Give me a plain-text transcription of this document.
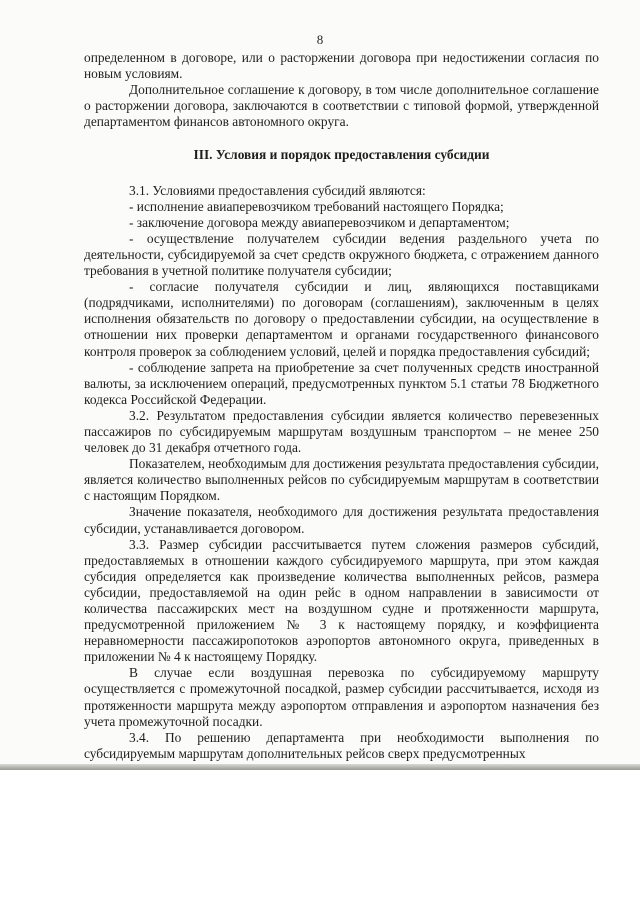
8

определенном в договоре, или о расторжении договора при недостижении согласия по новым условиям.

Дополнительное соглашение к договору, в том числе дополнительное соглашение о расторжении договора, заключаются в соответствии с типовой формой, утвержденной департаментом финансов автономного округа.

III. Условия и порядок предоставления субсидии

3.1. Условиями предоставления субсидий являются:

- исполнение авиаперевозчиком требований настоящего Порядка;

- заключение договора между авиаперевозчиком и департаментом;

- осуществление получателем субсидии ведения раздельного учета по деятельности, субсидируемой за счет средств окружного бюджета, с отражением данного требования в учетной политике получателя субсидии;

- согласие получателя субсидии и лиц, являющихся поставщиками (подрядчиками, исполнителями) по договорам (соглашениям), заключенным в целях исполнения обязательств по договору о предоставлении субсидии, на осуществление в отношении них проверки департаментом и органами государственного финансового контроля проверок за соблюдением условий, целей и порядка предоставления субсидий;

- соблюдение запрета на приобретение за счет полученных средств иностранной валюты, за исключением операций, предусмотренных пунктом 5.1 статьи 78 Бюджетного кодекса Российской Федерации.

3.2. Результатом предоставления субсидии является количество перевезенных пассажиров по субсидируемым маршрутам воздушным транспортом – не менее 250 человек до 31 декабря отчетного года.

Показателем, необходимым для достижения результата предоставления субсидии, является количество выполненных рейсов по субсидируемым маршрутам в соответствии с настоящим Порядком.

Значение показателя, необходимого для достижения результата предоставления субсидии, устанавливается договором.

3.3. Размер субсидии рассчитывается путем сложения размеров субсидий, предоставляемых в отношении каждого субсидируемого маршрута, при этом каждая субсидия определяется как произведение количества выполненных рейсов, размера субсидии, предоставляемой на один рейс в одном направлении в зависимости от количества пассажирских мест на воздушном судне и протяженности маршрута, предусмотренной приложением № 3 к настоящему порядку, и коэффициента неравномерности пассажиропотоков аэропортов автономного округа, приведенных в приложении № 4 к настоящему Порядку.

В случае если воздушная перевозка по субсидируемому маршруту осуществляется с промежуточной посадкой, размер субсидии рассчитывается, исходя из протяженности маршрута между аэропортом отправления и аэропортом назначения без учета промежуточной посадки.

3.4. По решению департамента при необходимости выполнения по субсидируемым маршрутам дополнительных рейсов сверх предусмотренных
